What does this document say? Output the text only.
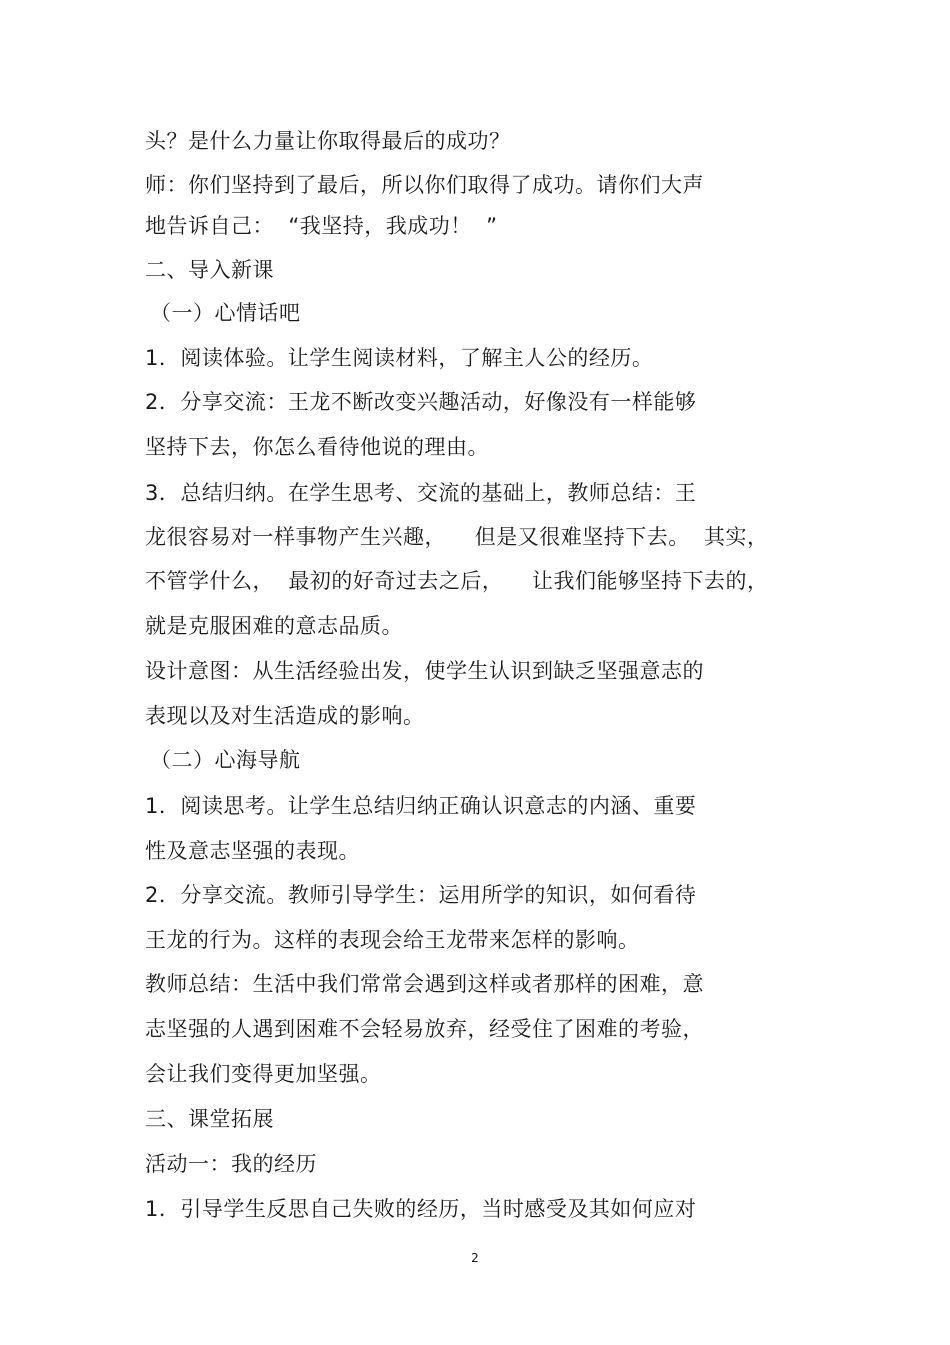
头？是什么力量让你取得最后的成功？
师：你们坚持到了最后，所以你们取得了成功。请你们大声
地告诉自己：  “我坚持，我成功！  ”
二、导入新课
（一）心情话吧
1．阅读体验。让学生阅读材料，了解主人公的经历。
2．分享交流：王龙不断改变兴趣活动，好像没有一样能够
坚持下去，你怎么看待他说的理由。
3．总结归纳。在学生思考、交流的基础上，教师总结：王
龙很容易对一样事物产生兴趣，    但是又很难坚持下去。  其实，
不管学什么，  最初的好奇过去之后，    让我们能够坚持下去的，
就是克服困难的意志品质。
设计意图：从生活经验出发，使学生认识到缺乏坚强意志的
表现以及对生活造成的影响。
（二）心海导航
1．阅读思考。让学生总结归纳正确认识意志的内涵、重要
性及意志坚强的表现。
2．分享交流。教师引导学生：运用所学的知识，如何看待
王龙的行为。这样的表现会给王龙带来怎样的影响。
教师总结：生活中我们常常会遇到这样或者那样的困难，意
志坚强的人遇到困难不会轻易放弃，经受住了困难的考验，
会让我们变得更加坚强。
三、课堂拓展
活动一：我的经历
1．引导学生反思自己失败的经历，当时感受及其如何应对
2
